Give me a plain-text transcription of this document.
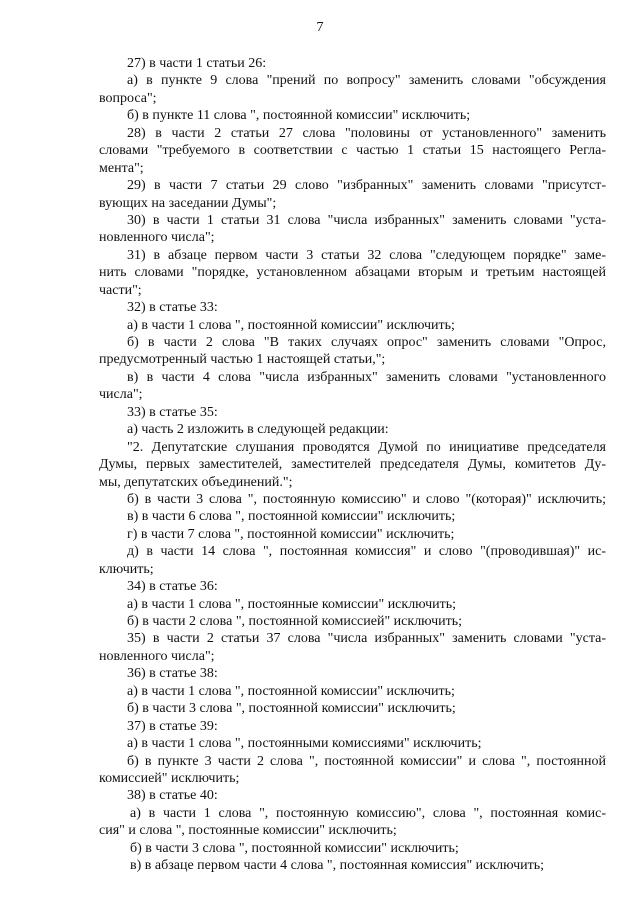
7
27) в части 1 статьи 26:
а) в пункте 9 слова "прений по вопросу" заменить словами "обсуждения
вопроса";
б) в пункте 11 слова ", постоянной комиссии" исключить;
28) в части 2 статьи 27 слова "половины от установленного" заменить
словами "требуемого в соответствии с частью 1 статьи 15 настоящего Регла-
мента";
29) в части 7 статьи 29 слово "избранных" заменить словами "присутст-
вующих на заседании Думы";
30) в части 1 статьи 31 слова "числа избранных" заменить словами "уста-
новленного числа";
31) в абзаце первом части 3 статьи 32 слова "следующем порядке" заме-
нить словами "порядке, установленном абзацами вторым и третьим настоящей
части";
32) в статье 33:
а) в части 1 слова ", постоянной комиссии" исключить;
б) в части 2 слова "В таких случаях опрос" заменить словами "Опрос,
предусмотренный частью 1 настоящей статьи,";
в) в части 4 слова "числа избранных" заменить словами "установленного
числа";
33) в статье 35:
а) часть 2 изложить в следующей редакции:
"2. Депутатские слушания проводятся Думой по инициативе председателя
Думы, первых заместителей, заместителей председателя Думы, комитетов Ду-
мы, депутатских объединений.";
б) в части 3 слова ", постоянную комиссию" и слово "(которая)" исключить;
в) в части 6 слова ", постоянной комиссии" исключить;
г) в части 7 слова ", постоянной комиссии" исключить;
д) в части 14 слова ", постоянная комиссия" и слово "(проводившая)" ис-
ключить;
34) в статье 36:
а) в части 1 слова ", постоянные комиссии" исключить;
б) в части 2 слова ", постоянной комиссией" исключить;
35) в части 2 статьи 37 слова "числа избранных" заменить словами "уста-
новленного числа";
36) в статье 38:
а) в части 1 слова ", постоянной комиссии" исключить;
б) в части 3 слова ", постоянной комиссии" исключить;
37) в статье 39:
а) в части 1 слова ", постоянными комиссиями" исключить;
б) в пункте 3 части 2 слова ", постоянной комиссии" и слова ", постоянной
комиссией" исключить;
38) в статье 40:
а) в части 1 слова ", постоянную комиссию", слова ", постоянная комис-
сия" и слова ", постоянные комиссии" исключить;
б) в части 3 слова ", постоянной комиссии" исключить;
в) в абзаце первом части 4 слова ", постоянная комиссия" исключить;
